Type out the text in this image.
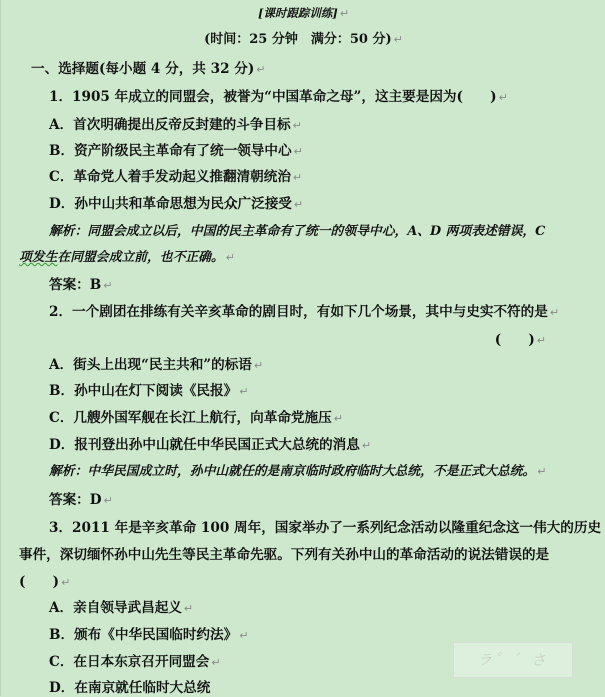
[课时跟踪训练] ↵
(时间：25 分钟　满分：50 分) ↵
一、选择题(每小题 4 分，共 32 分) ↵
1．1905 年成立的同盟会，被誉为“中国革命之母”，这主要是因为(　　) ↵
A．首次明确提出反帝反封建的斗争目标 ↵
B．资产阶级民主革命有了统一领导中心 ↵
C．革命党人着手发动起义推翻清朝统治 ↵
D．孙中山共和革命思想为民众广泛接受 ↵
解析：同盟会成立以后，中国的民主革命有了统一的领导中心，A、D 两项表述错误，C
项发生在同盟会成立前，也不正确。 ↵
答案：B ↵
2．一个剧团在排练有关辛亥革命的剧目时，有如下几个场景，其中与史实不符的是 ↵
(　　) ↵
A．街头上出现“民主共和”的标语 ↵
B．孙中山在灯下阅读《民报》 ↵
C．几艘外国军舰在长江上航行，向革命党施压 ↵
D．报刊登出孙中山就任中华民国正式大总统的消息 ↵
解析：中华民国成立时，孙中山就任的是南京临时政府临时大总统，不是正式大总统。 ↵
答案：D ↵
3．2011 年是辛亥革命 100 周年，国家举办了一系列纪念活动以隆重纪念这一伟大的历史
事件，深切缅怀孙中山先生等民主革命先驱。下列有关孙中山的革命活动的说法错误的是
(　　) ↵
A．亲自领导武昌起义 ↵
B．颁布《中华民国临时约法》 ↵
C．在日本东京召开同盟会 ↵
D．在南京就任临时大总统
ラ゜゛さ
